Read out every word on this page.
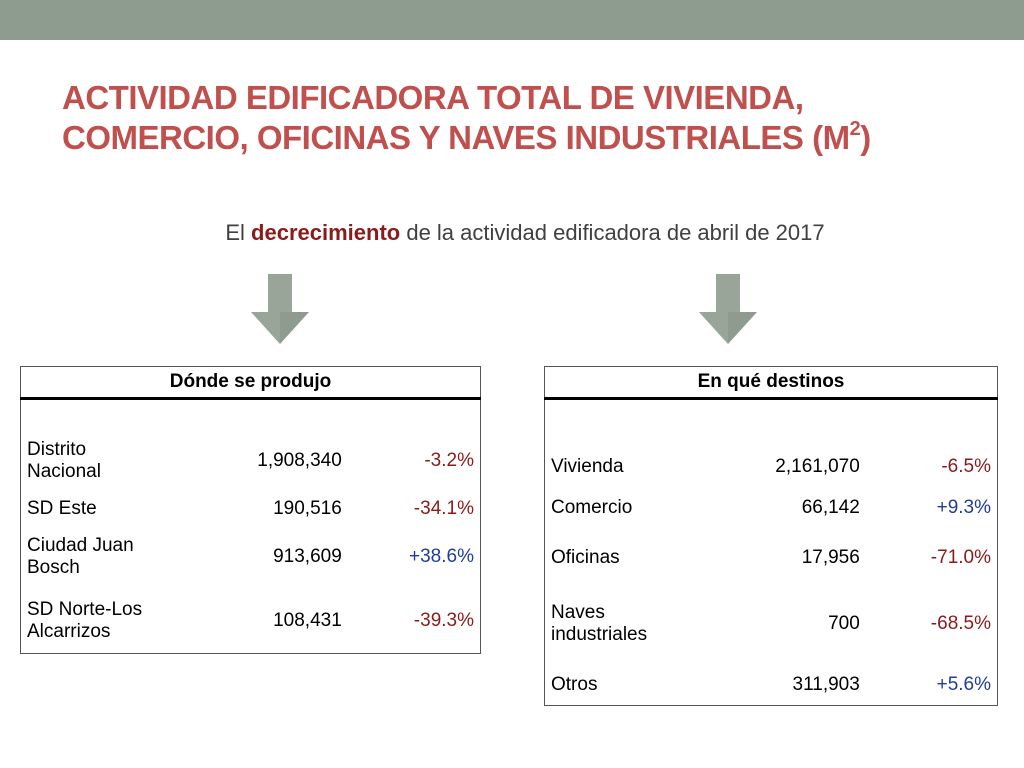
ACTIVIDAD EDIFICADORA TOTAL DE VIVIENDA, COMERCIO, OFICINAS Y NAVES INDUSTRIALES $(M^2)$
El decrecimiento de la actividad edificadora de abril de 2017
Dónde se produjo		

Distrito Nacional	1,908,340	-3.2%
SD Este	190,516	-34.1%
Ciudad Juan Bosch	913,609	+38.6%
SD Norte-Los Alcarrizos	108,431	-39.3%
En qué destinos		

Vivienda	2,161,070	-6.5%
Comercio	66,142	+9.3%
Oficinas	17,956	-71.0%
Naves industriales	700	-68.5%
Otros	311,903	+5.6%
